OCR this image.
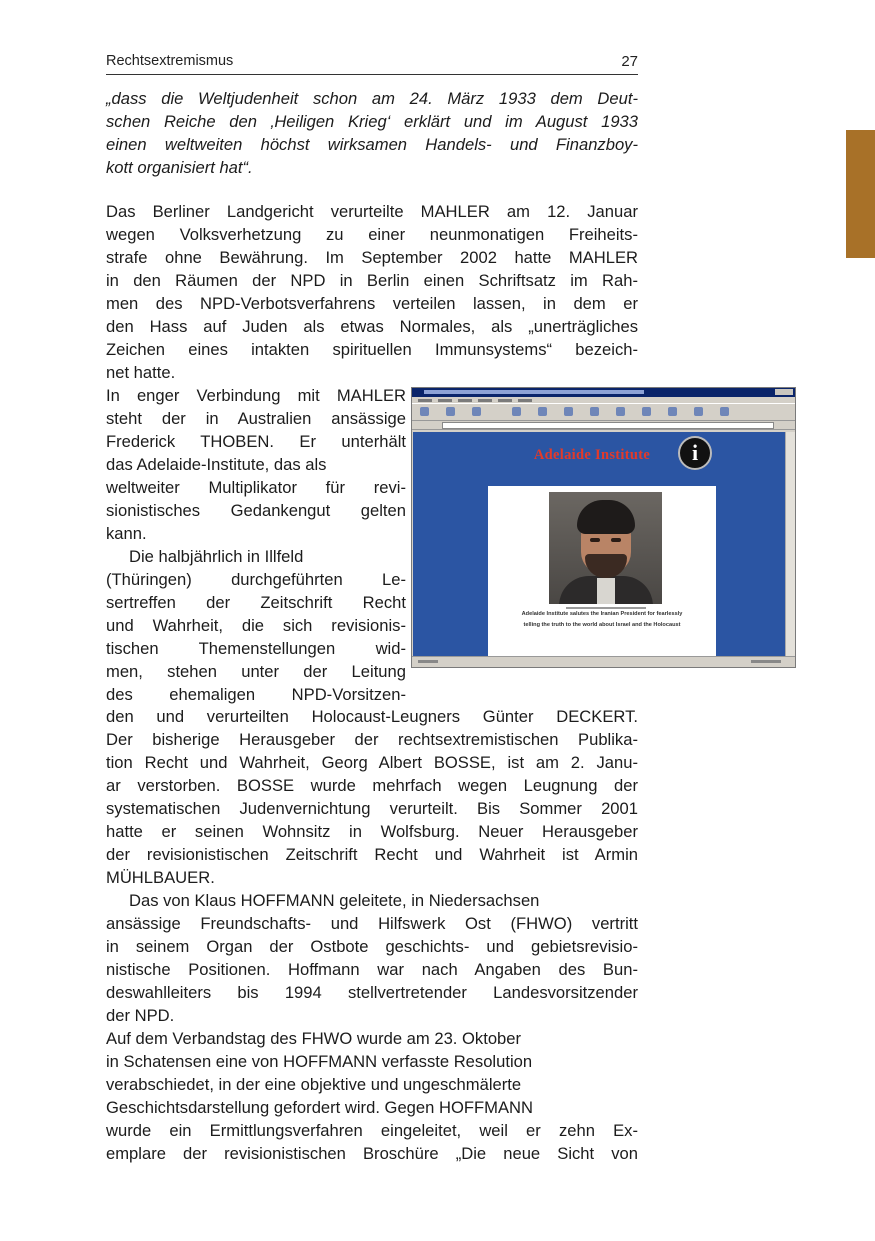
Rechtsextremismus	27
„dass die Weltjudenheit schon am 24. März 1933 dem Deut-
schen Reiche den ‚Heiligen Krieg‘ erklärt und im August 1933
einen weltweiten höchst wirksamen Handels- und Finanzboy-
kott organisiert hat“.
Das Berliner Landgericht verurteilte MAHLER am 12. Januar
wegen Volksverhetzung zu einer neunmonatigen Freiheits-
strafe ohne Bewährung. Im September 2002 hatte MAHLER
in den Räumen der NPD in Berlin einen Schriftsatz im Rah-
men des NPD-Verbotsverfahrens verteilen lassen, in dem er
den Hass auf Juden als etwas Normales, als „unerträgliches
Zeichen eines intakten spirituellen Immunsystems“ bezeich-
net hatte.
In enger Verbindung mit MAHLER
steht der in Australien ansässige
Frederick THOBEN. Er unterhält
das Adelaide-Institute, das als
weltweiter Multiplikator für revi-
sionistisches Gedankengut gelten
kann.
Die halbjährlich in Illfeld
(Thüringen) durchgeführten Le-
sertreffen der Zeitschrift Recht
und Wahrheit, die sich revisionis-
tischen Themenstellungen wid-
men, stehen unter der Leitung
des ehemaligen NPD-Vorsitzen-
Adelaide Institute	i
Adelaide Institute salutes the Iranian President for fearlessly
telling the truth to the world about Israel and the Holocaust
den und verurteilten Holocaust-Leugners Günter DECKERT.
Der bisherige Herausgeber der rechtsextremistischen Publika-
tion Recht und Wahrheit, Georg Albert BOSSE, ist am 2. Janu-
ar verstorben. BOSSE wurde mehrfach wegen Leugnung der
systematischen Judenvernichtung verurteilt. Bis Sommer 2001
hatte er seinen Wohnsitz in Wolfsburg. Neuer Herausgeber
der revisionistischen Zeitschrift Recht und Wahrheit ist Armin
MÜHLBAUER.
Das von Klaus HOFFMANN geleitete, in Niedersachsen
ansässige Freundschafts- und Hilfswerk Ost (FHWO) vertritt
in seinem Organ der Ostbote geschichts- und gebietsrevisio-
nistische Positionen. Hoffmann war nach Angaben des Bun-
deswahlleiters bis 1994 stellvertretender Landesvorsitzender
der NPD.
Auf dem Verbandstag des FHWO wurde am 23. Oktober
in Schatensen eine von HOFFMANN verfasste Resolution
verabschiedet, in der eine objektive und ungeschmälerte
Geschichtsdarstellung gefordert wird. Gegen HOFFMANN
wurde ein Ermittlungsverfahren eingeleitet, weil er zehn Ex-
emplare der revisionistischen Broschüre „Die neue Sicht von
